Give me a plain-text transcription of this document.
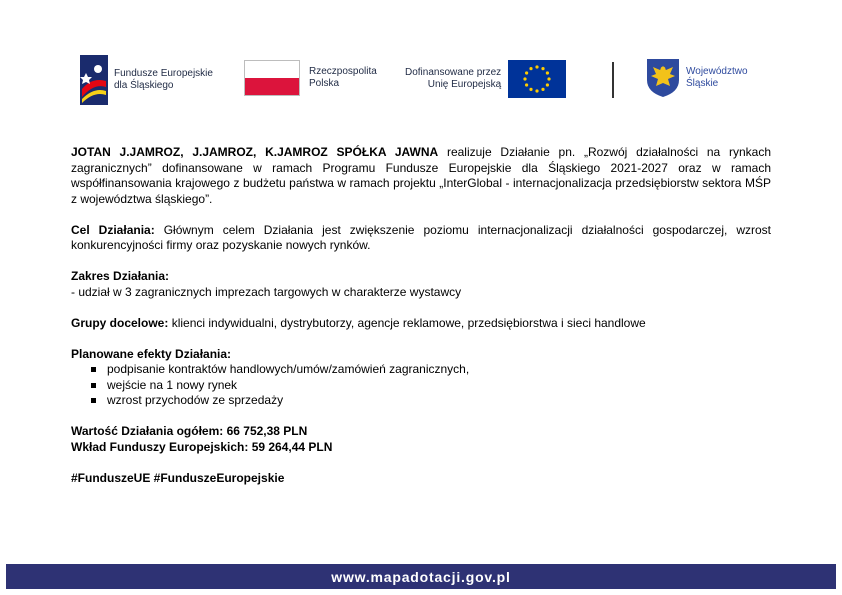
Fundusze Europejskie
dla Śląskiego
Rzeczpospolita
Polska
Dofinansowane przez
Unię Europejską
Województwo
Śląskie

JOTAN J.JAMROZ, J.JAMROZ, K.JAMROZ SPÓŁKA JAWNA realizuje Działanie pn. „Rozwój działalności na rynkach zagranicznych” dofinansowane w ramach Programu Fundusze Europejskie dla Śląskiego 2021-2027 oraz w ramach współfinansowania krajowego z budżetu państwa w ramach projektu „InterGlobal - internacjonalizacja przedsiębiorstw sektora MŚP z województwa śląskiego”.

Cel Działania: Głównym celem Działania jest zwiększenie poziomu internacjonalizacji działalności gospodarczej, wzrost konkurencyjności firmy oraz pozyskanie nowych rynków.

Zakres Działania:

- udział w 3 zagranicznych imprezach targowych w charakterze wystawcy

Grupy docelowe: klienci indywidualni, dystrybutorzy, agencje reklamowe, przedsiębiorstwa i sieci handlowe

Planowane efekty Działania:

podpisanie kontraktów handlowych/umów/zamówień zagranicznych,
wejście na 1 nowy rynek
wzrost przychodów ze sprzedaży

Wartość Działania ogółem: 66 752,38 PLN

Wkład Funduszy Europejskich: 59 264,44 PLN

#FunduszeUE #FunduszeEuropejskie

www.mapadotacji.gov.pl
